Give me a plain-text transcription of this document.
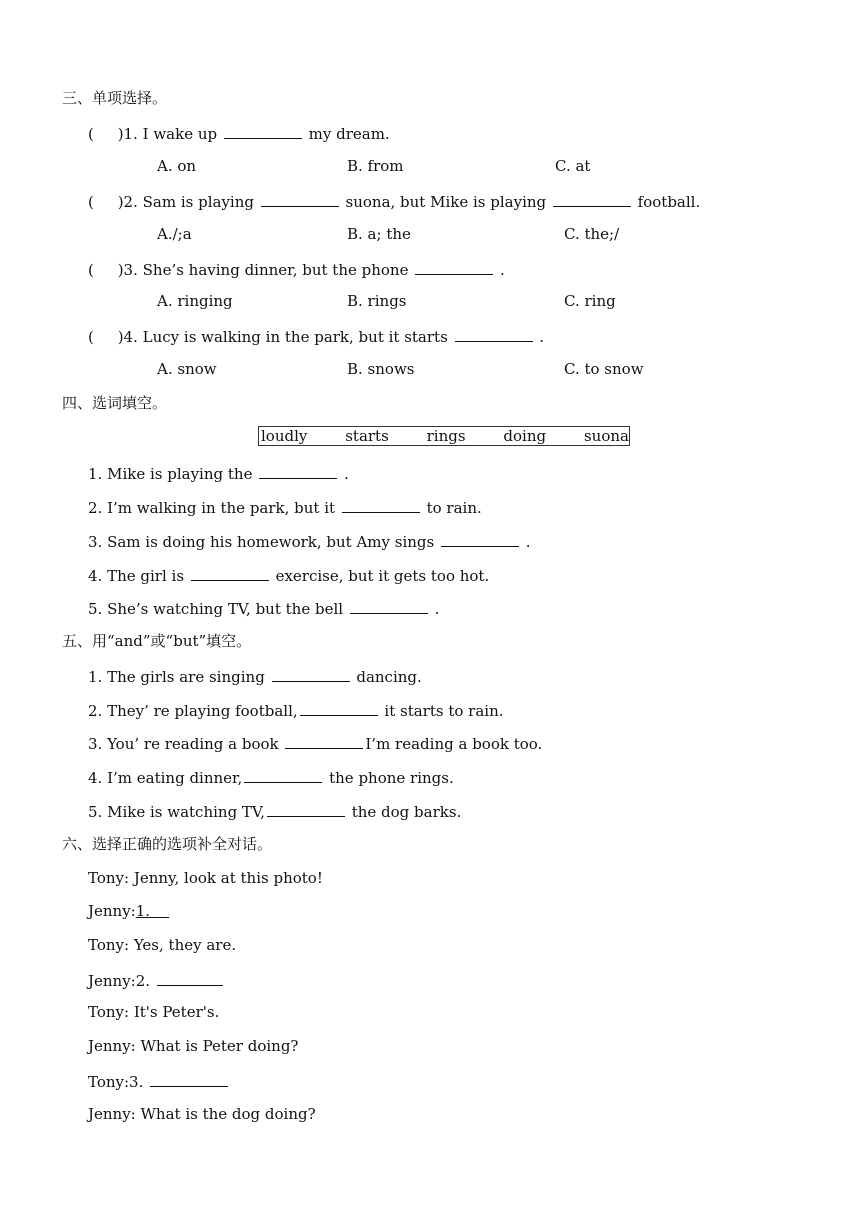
三、单项选择。
(     )1. I wake up	my dream.
A. on	B. from	C. at
(     )2. Sam is playing	suona, but Mike is playing	football.
A./;a	B. a; the	C. the;/
(     )3. She’s having dinner, but the phone	.
A. ringing	B. rings	C. ring
(     )4. Lucy is walking in the park, but it starts	.
A. snow	B. snows	C. to snow
四、选词填空。
loudly	starts	rings	doing	suona
1. Mike is playing the	.
2. I’m walking in the park, but it	to rain.
3. Sam is doing his homework, but Amy sings	.
4. The girl is	exercise, but it gets too hot.
5. She’s watching TV, but the bell	.
五、用“and”或“but”填空。
1. The girls are singing	dancing.
2. They’ re playing football,	it starts to rain.
3. You’ re reading a book	I’m reading a book too.
4. I’m eating dinner,	the phone rings.
5. Mike is watching TV,	the dog barks.
六、选择正确的选项补全对话。
Tony: Jenny, look at this photo!
Jenny:1.
Tony: Yes, they are.
Jenny:2.
Tony: It's Peter's.
Jenny: What is Peter doing?
Tony:3.
Jenny: What is the dog doing?
